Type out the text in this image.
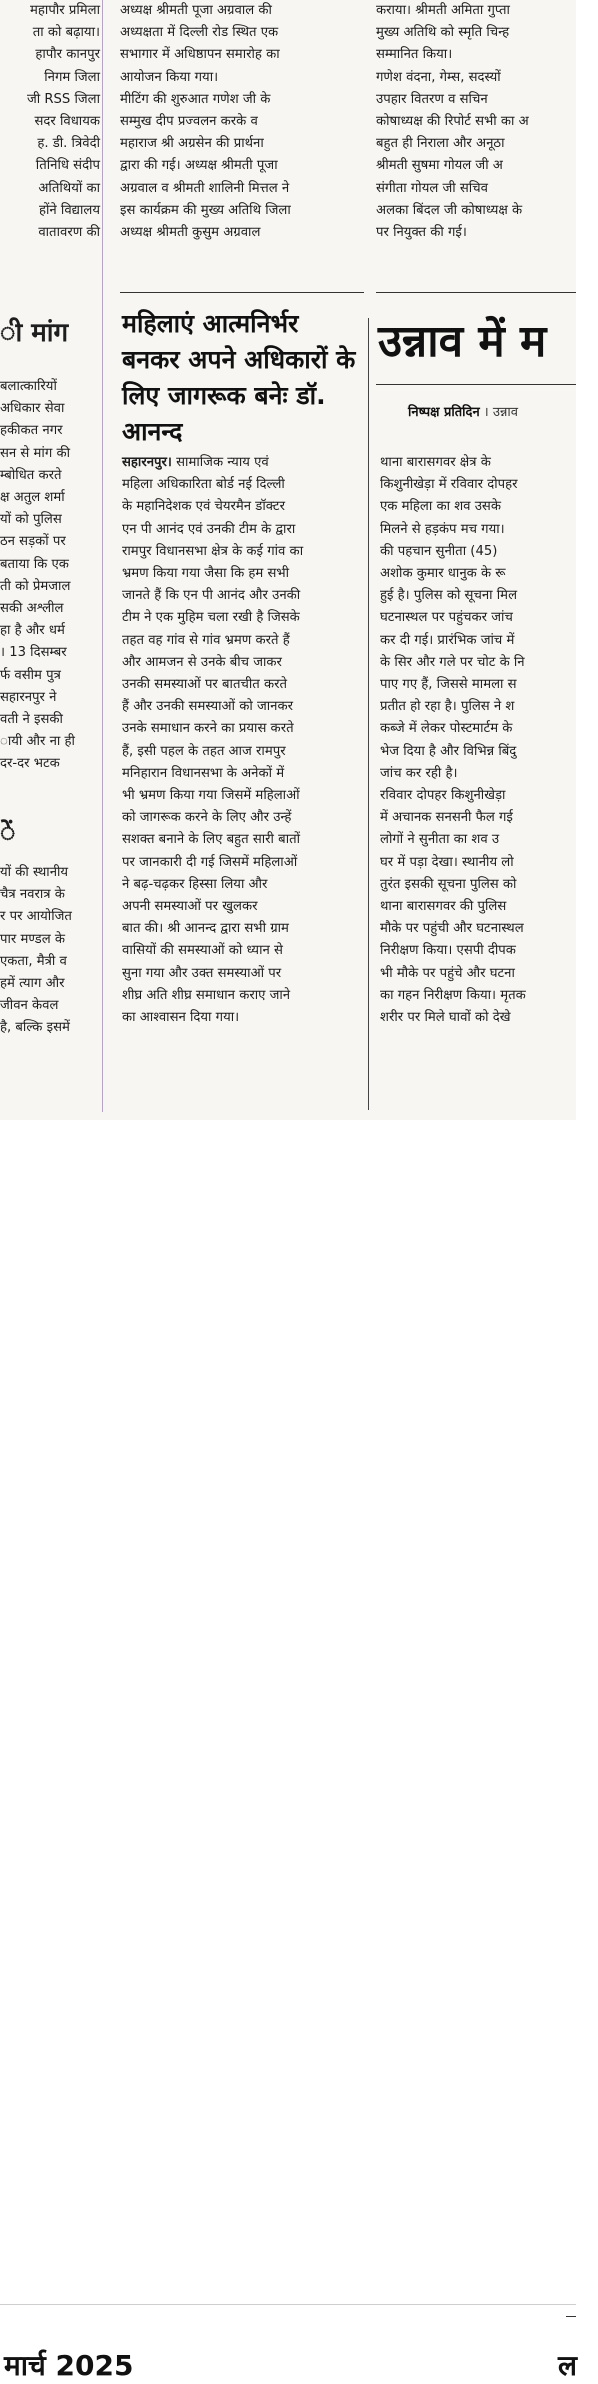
महापौर प्रमिला
ता को बढ़ाया।
हापौर कानपुर
निगम जिला
जी RSS जिला
सदर विधायक
ह. डी. त्रिवेदी
तिनिधि संदीप
अतिथियों का
होंने विद्यालय
वातावरण की
ी मांग
बलात्कारियों
अधिकार सेवा
हकीकत नगर
सन से मांग की
म्बोधित करते
क्ष अतुल शर्मा
यों को पुलिस
ठन सड़कों पर
बताया कि एक
ती को प्रेमजाल
सकी अश्लील
हा है और धर्म
। 13 दिसम्बर
र्फ वसीम पुत्र
सहारनपुर ने
वती ने इसकी
ायी और ना ही
दर-दर भटक
ें
यों की स्थानीय
चैत्र नवरात्र के
र पर आयोजित
पार मण्डल के
एकता, मैत्री व
हमें त्याग और
जीवन केवल
है, बल्कि इसमें
अध्यक्ष श्रीमती पूजा अग्रवाल की
अध्यक्षता में दिल्ली रोड स्थित एक
सभागार में अधिष्ठापन समारोह का
आयोजन किया गया।
मीटिंग की शुरुआत गणेश जी के
सम्मुख दीप प्रज्वलन करके व
महाराज श्री अग्रसेन की प्रार्थना
द्वारा की गई। अध्यक्ष श्रीमती पूजा
अग्रवाल व श्रीमती शालिनी मित्तल ने
इस कार्यक्रम की मुख्य अतिथि जिला
अध्यक्ष श्रीमती कुसुम अग्रवाल
कराया। श्रीमती अमिता गुप्ता
मुख्य अतिथि को स्मृति चिन्ह
सम्मानित किया।
गणेश वंदना, गेम्स, सदस्यों
उपहार वितरण व सचिन
कोषाध्यक्ष की रिपोर्ट सभी का अ
बहुत ही निराला और अनूठा
श्रीमती सुषमा गोयल जी अ
संगीता गोयल जी सचिव
अलका बिंदल जी कोषाध्यक्ष के
पर नियुक्त की गई।
महिलाएं आत्मनिर्भर बनकर अपने अधिकारों के लिए जागरूक बनेः डॉ. आनन्द

सहारनपुर। सामाजिक न्याय एवं

महिला अधिकारिता बोर्ड नई दिल्ली
के महानिदेशक एवं चेयरमैन डॉक्टर
एन पी आनंद एवं उनकी टीम के द्वारा
रामपुर विधानसभा क्षेत्र के कई गांव का
भ्रमण किया गया जैसा कि हम सभी
जानते हैं कि एन पी आनंद और उनकी
टीम ने एक मुहिम चला रखी है जिसके
तहत वह गांव से गांव भ्रमण करते हैं
और आमजन से उनके बीच जाकर
उनकी समस्याओं पर बातचीत करते
हैं और उनकी समस्याओं को जानकर
उनके समाधान करने का प्रयास करते
हैं, इसी पहल के तहत आज रामपुर
मनिहारान विधानसभा के अनेकों में
भी भ्रमण किया गया जिसमें महिलाओं
को जागरूक करने के लिए और उन्हें
सशक्त बनाने के लिए बहुत सारी बातों
पर जानकारी दी गई जिसमें महिलाओं
ने बढ़-चढ़कर हिस्सा लिया और
अपनी समस्याओं पर खुलकर
बात की। श्री आनन्द द्वारा सभी ग्राम
वासियों की समस्याओं को ध्यान से
सुना गया और उक्त समस्याओं पर
शीघ्र अति शीघ्र समाधान कराए जाने
का आश्वासन दिया गया।
उन्नाव में म
निष्पक्ष प्रतिदिन । उन्नाव
थाना बारासगवर क्षेत्र के
किशुनीखेड़ा में रविवार दोपहर
एक महिला का शव उसके
मिलने से हड़कंप मच गया।
की पहचान सुनीता (45)
अशोक कुमार धानुक के रू
हुई है। पुलिस को सूचना मिल
घटनास्थल पर पहुंचकर जांच
कर दी गई। प्रारंभिक जांच में
के सिर और गले पर चोट के नि
पाए गए हैं, जिससे मामला स
प्रतीत हो रहा है। पुलिस ने श
कब्जे में लेकर पोस्टमार्टम के
भेज दिया है और विभिन्न बिंदु
जांच कर रही है।
रविवार दोपहर किशुनीखेड़ा
में अचानक सनसनी फैल गई
लोगों ने सुनीता का शव उ
घर में पड़ा देखा। स्थानीय लो
तुरंत इसकी सूचना पुलिस को
थाना बारासगवर की पुलिस
मौके पर पहुंची और घटनास्थल
निरीक्षण किया। एसपी दीपक
भी मौके पर पहुंचे और घटना
का गहन निरीक्षण किया। मृतक
शरीर पर मिले घावों को देखे
मार्च 2025	ल
